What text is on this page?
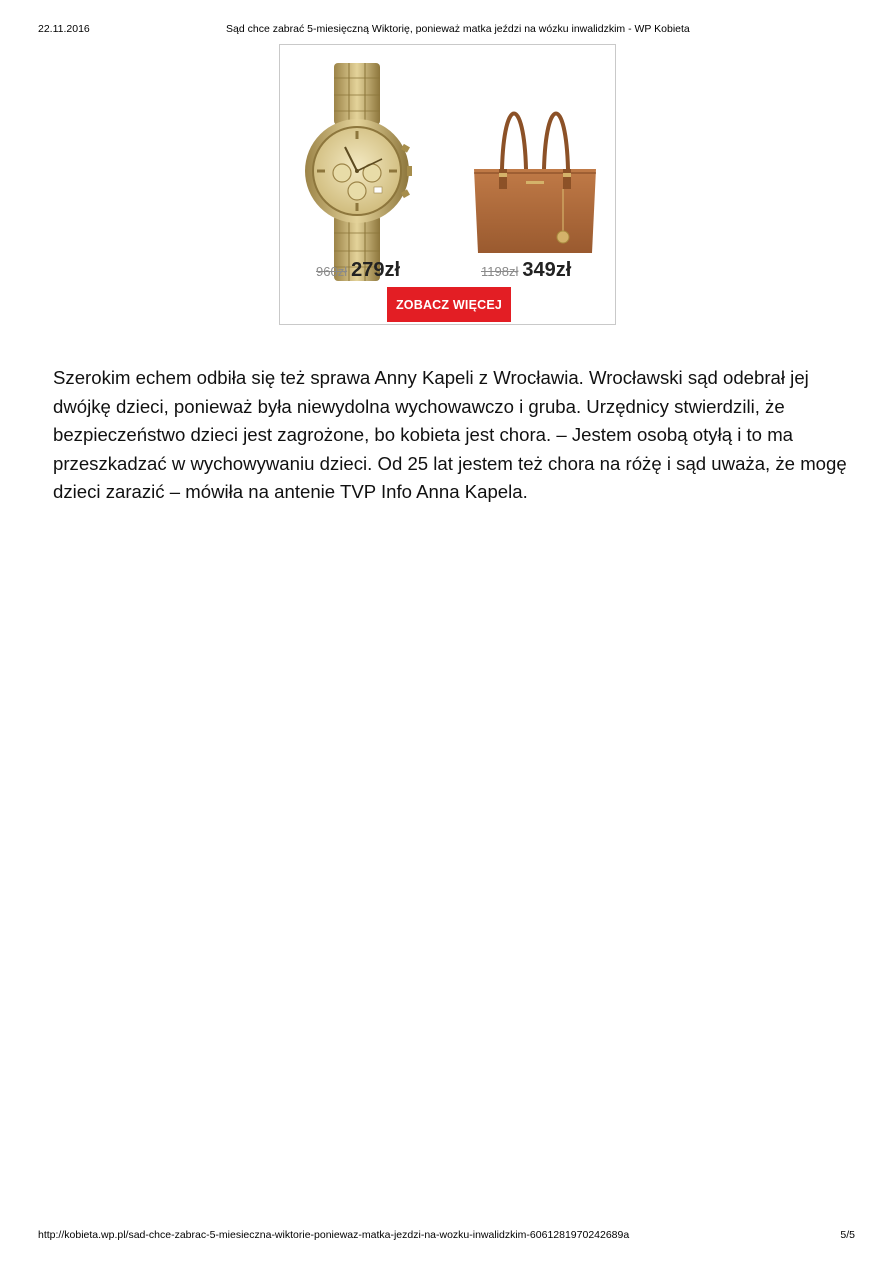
22.11.2016	Sąd chce zabrać 5-miesięczną Wiktorię, ponieważ matka jeździ na wózku inwalidzkim - WP Kobieta
960zł 279zł	1198zł 349zł
ZOBACZ WIĘCEJ

Szerokim echem odbiła się też sprawa Anny Kapeli z Wrocławia. Wrocławski sąd odebrał jej dwójkę dzieci, ponieważ była niewydolna wychowawczo i gruba. Urzędnicy stwierdzili, że bezpieczeństwo dzieci jest zagrożone, bo kobieta jest chora. – Jestem osobą otyłą i to ma przeszkadzać w wychowywaniu dzieci. Od 25 lat jestem też chora na różę i sąd uważa, że mogę dzieci zarazić – mówiła na antenie TVP Info Anna Kapela.

http://kobieta.wp.pl/sad-chce-zabrac-5-miesieczna-wiktorie-poniewaz-matka-jezdzi-na-wozku-inwalidzkim-6061281970242689a	5/5
